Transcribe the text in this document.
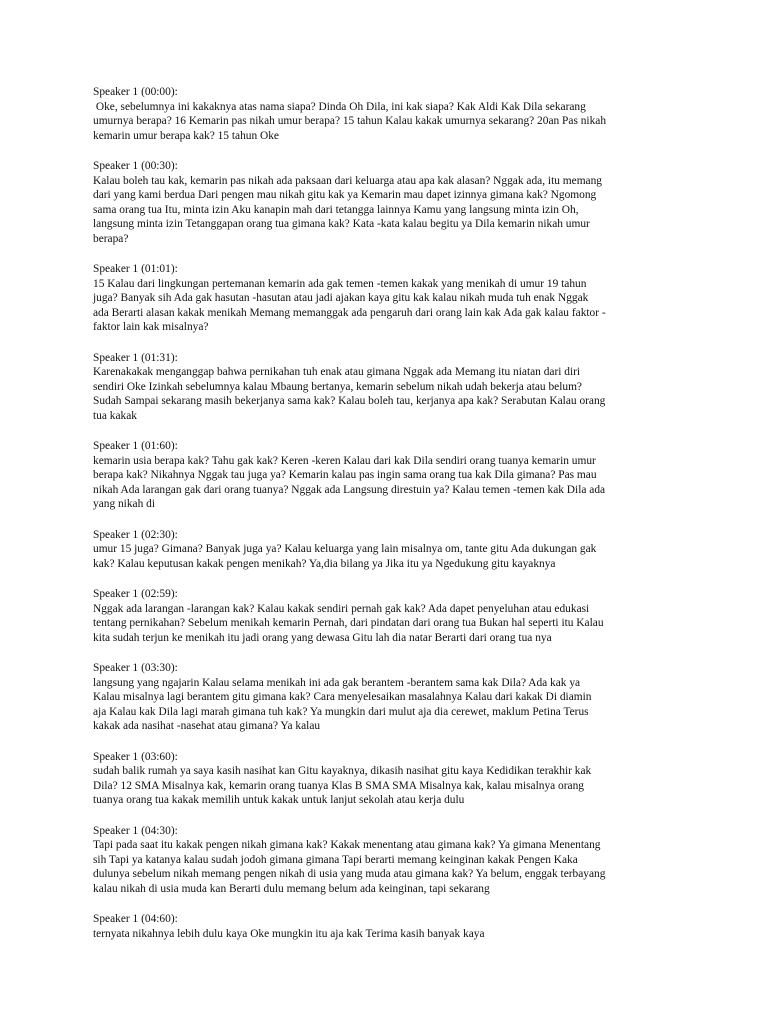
Speaker 1 (00:00):

Oke, sebelumnya ini kakaknya atas nama siapa? Dinda Oh Dila, ini kak siapa? Kak Aldi Kak Dila sekarang

umurnya berapa? 16 Kemarin pas nikah umur berapa? 15 tahun Kalau kakak umurnya sekarang? 20an Pas nikah

kemarin umur berapa kak? 15 tahun Oke

Speaker 1 (00:30):

Kalau boleh tau kak, kemarin pas nikah ada paksaan dari keluarga atau apa kak alasan? Nggak ada, itu memang

dari yang kami berdua Dari pengen mau nikah gitu kak ya Kemarin mau dapet izinnya gimana kak? Ngomong

sama orang tua Itu, minta izin Aku kanapin mah dari tetangga lainnya Kamu yang langsung minta izin Oh,

langsung minta izin Tetanggapan orang tua gimana kak? Kata -kata kalau begitu ya Dila kemarin nikah umur

berapa?

Speaker 1 (01:01):

15 Kalau dari lingkungan pertemanan kemarin ada gak temen -temen kakak yang menikah di umur 19 tahun

juga? Banyak sih Ada gak hasutan -hasutan atau jadi ajakan kaya gitu kak kalau nikah muda tuh enak Nggak

ada Berarti alasan kakak menikah Memang memanggak ada pengaruh dari orang lain kak Ada gak kalau faktor -

faktor lain kak misalnya?

Speaker 1 (01:31):

Karenakakak menganggap bahwa pernikahan tuh enak atau gimana Nggak ada Memang itu niatan dari diri

sendiri Oke Izinkah sebelumnya kalau Mbaung bertanya, kemarin sebelum nikah udah bekerja atau belum?

Sudah Sampai sekarang masih bekerjanya sama kak? Kalau boleh tau, kerjanya apa kak? Serabutan Kalau orang

tua kakak

Speaker 1 (01:60):

kemarin usia berapa kak? Tahu gak kak? Keren -keren Kalau dari kak Dila sendiri orang tuanya kemarin umur

berapa kak? Nikahnya Nggak tau juga ya? Kemarin kalau pas ingin sama orang tua kak Dila gimana? Pas mau

nikah Ada larangan gak dari orang tuanya? Nggak ada Langsung direstuin ya? Kalau temen -temen kak Dila ada

yang nikah di

Speaker 1 (02:30):

umur 15 juga? Gimana? Banyak juga ya? Kalau keluarga yang lain misalnya om, tante gitu Ada dukungan gak

kak? Kalau keputusan kakak pengen menikah? Ya,dia bilang ya Jika itu ya Ngedukung gitu kayaknya

Speaker 1 (02:59):

Nggak ada larangan -larangan kak? Kalau kakak sendiri pernah gak kak? Ada dapet penyeluhan atau edukasi

tentang pernikahan? Sebelum menikah kemarin Pernah, dari pindatan dari orang tua Bukan hal seperti itu Kalau

kita sudah terjun ke menikah itu jadi orang yang dewasa Gitu lah dia natar Berarti dari orang tua nya

Speaker 1 (03:30):

langsung yang ngajarin Kalau selama menikah ini ada gak berantem -berantem sama kak Dila? Ada kak ya

Kalau misalnya lagi berantem gitu gimana kak? Cara menyelesaikan masalahnya Kalau dari kakak Di diamin

aja Kalau kak Dila lagi marah gimana tuh kak? Ya mungkin dari mulut aja dia cerewet, maklum Petina Terus

kakak ada nasihat -nasehat atau gimana? Ya kalau

Speaker 1 (03:60):

sudah balik rumah ya saya kasih nasihat kan Gitu kayaknya, dikasih nasihat gitu kaya Kedidikan terakhir kak

Dila? 12 SMA Misalnya kak, kemarin orang tuanya Klas B SMA SMA Misalnya kak, kalau misalnya orang

tuanya orang tua kakak memilih untuk kakak untuk lanjut sekolah atau kerja dulu

Speaker 1 (04:30):

Tapi pada saat itu kakak pengen nikah gimana kak? Kakak menentang atau gimana kak? Ya gimana Menentang

sih Tapi ya katanya kalau sudah jodoh gimana gimana Tapi berarti memang keinginan kakak Pengen Kaka

dulunya sebelum nikah memang pengen nikah di usia yang muda atau gimana kak? Ya belum, enggak terbayang

kalau nikah di usia muda kan Berarti dulu memang belum ada keinginan, tapi sekarang

Speaker 1 (04:60):

ternyata nikahnya lebih dulu kaya Oke mungkin itu aja kak Terima kasih banyak kaya
